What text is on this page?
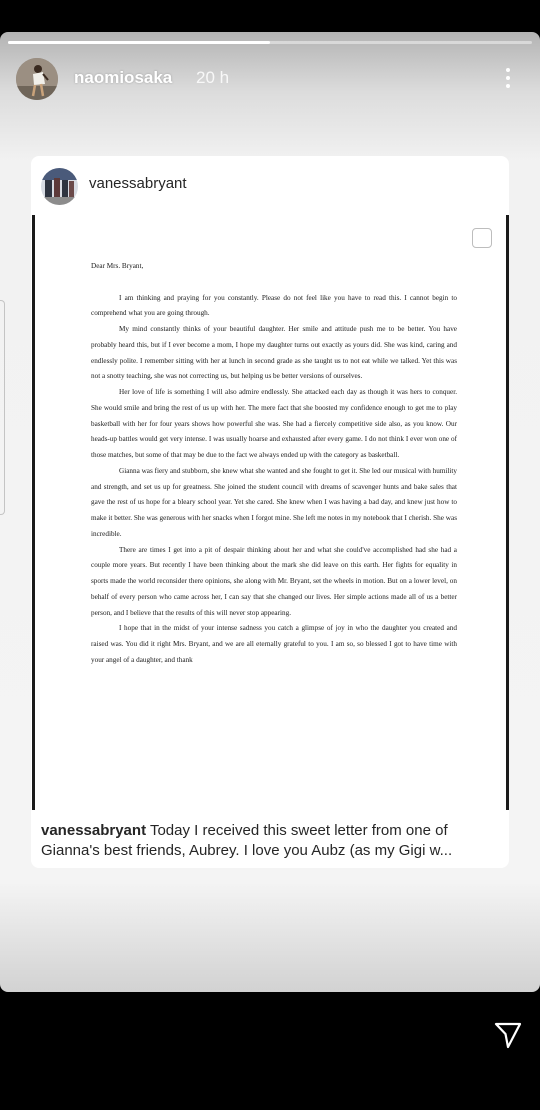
naomiosaka 20 h
vanessabryant
Dear Mrs. Bryant,

I am thinking and praying for you constantly. Please do not feel like you have to read this. I cannot begin to comprehend what you are going through.

My mind constantly thinks of your beautiful daughter. Her smile and attitude push me to be better. You have probably heard this, but if I ever become a mom, I hope my daughter turns out exactly as yours did. She was kind, caring and endlessly polite. I remember sitting with her at lunch in second grade as she taught us to not eat while we talked. Yet this was not a snotty teaching, she was not correcting us, but helping us be better versions of ourselves.

Her love of life is something I will also admire endlessly. She attacked each day as though it was hers to conquer. She would smile and bring the rest of us up with her. The mere fact that she boosted my confidence enough to get me to play basketball with her for four years shows how powerful she was. She had a fiercely competitive side also, as you know. Our heads-up battles would get very intense. I was usually hoarse and exhausted after every game. I do not think I ever won one of those matches, but some of that may be due to the fact we always ended up with the category as basketball.

Gianna was fiery and stubborn, she knew what she wanted and she fought to get it. She led our musical with humility and strength, and set us up for greatness. She joined the student council with dreams of scavenger hunts and bake sales that gave the rest of us hope for a bleary school year. Yet she cared. She knew when I was having a bad day, and knew just how to make it better. She was generous with her snacks when I forgot mine. She left me notes in my notebook that I cherish. She was incredible.

There are times I get into a pit of despair thinking about her and what she could've accomplished had she had a couple more years. But recently I have been thinking about the mark she did leave on this earth. Her fights for equality in sports made the world reconsider there opinions, she along with Mr. Bryant, set the wheels in motion. But on a lower level, on behalf of every person who came across her, I can say that she changed our lives. Her simple actions made all of us a better person, and I believe that the results of this will never stop appearing.

I hope that in the midst of your intense sadness you catch a glimpse of joy in who the daughter you created and raised was. You did it right Mrs. Bryant, and we are all eternally grateful to you. I am so, so blessed I got to have time with your angel of a daughter, and thank

vanessabryant Today I received this sweet letter from one of
Gianna's best friends, Aubrey. I love you Aubz (as my Gigi w...
